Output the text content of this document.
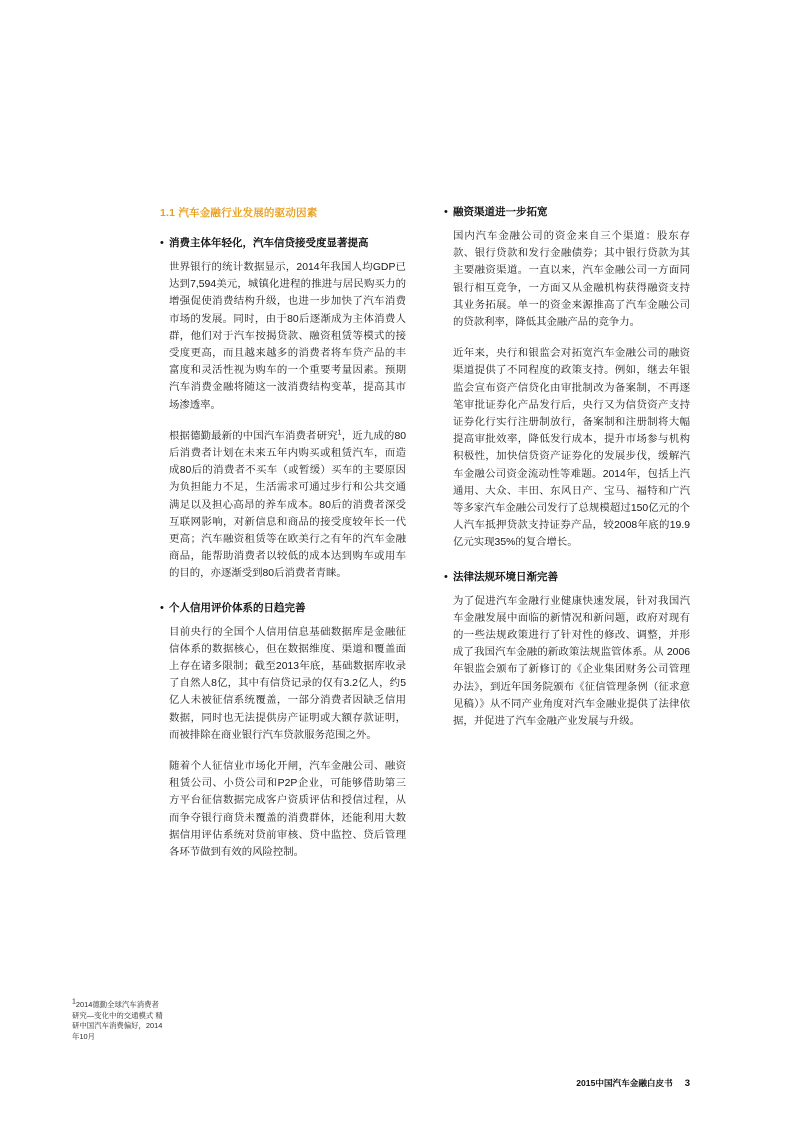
1.1 汽车金融行业发展的驱动因素
• 消费主体年轻化，汽车信贷接受度显著提高

世界银行的统计数据显示，2014年我国人均GDP已达到7,594美元，城镇化进程的推进与居民购买力的增强促使消费结构升级，也进一步加快了汽车消费市场的发展。同时，由于80后逐渐成为主体消费人群，他们对于汽车按揭贷款、融资租赁等模式的接受度更高，而且越来越多的消费者将车贷产品的丰富度和灵活性视为购车的一个重要考量因素。预期汽车消费金融将随这一波消费结构变革，提高其市场渗透率。

根据德勤最新的中国汽车消费者研究$^1$，近九成的80后消费者计划在未来五年内购买或租赁汽车，而造成80后的消费者不买车（或暂缓）买车的主要原因为负担能力不足，生活需求可通过步行和公共交通满足以及担心高昂的养车成本。80后的消费者深受互联网影响，对新信息和商品的接受度较年长一代更高；汽车融资租赁等在欧美行之有年的汽车金融商品，能帮助消费者以较低的成本达到购车或用车的目的，亦逐渐受到80后消费者青睐。

• 个人信用评价体系的日趋完善

目前央行的全国个人信用信息基础数据库是金融征信体系的数据核心，但在数据维度、渠道和覆盖面上存在诸多限制；截至2013年底，基础数据库收录了自然人8亿，其中有信贷记录的仅有3.2亿人，约5亿人未被征信系统覆盖，一部分消费者因缺乏信用数据，同时也无法提供房产证明或大额存款证明，而被排除在商业银行汽车贷款服务范围之外。

随着个人征信业市场化开闸，汽车金融公司、融资租赁公司、小贷公司和P2P企业，可能够借助第三方平台征信数据完成客户资质评估和授信过程，从而争夺银行商贷未覆盖的消费群体，还能利用大数据信用评估系统对贷前审核、贷中监控、贷后管理各环节做到有效的风险控制。

• 融资渠道进一步拓宽

国内汽车金融公司的资金来自三个渠道：股东存款、银行贷款和发行金融债券；其中银行贷款为其主要融资渠道。一直以来，汽车金融公司一方面同银行相互竞争，一方面又从金融机构获得融资支持其业务拓展。单一的资金来源推高了汽车金融公司的贷款利率，降低其金融产品的竞争力。

近年来，央行和银监会对拓宽汽车金融公司的融资渠道提供了不同程度的政策支持。例如，继去年银监会宣布资产信贷化由审批制改为备案制，不再逐笔审批证券化产品发行后，央行又为信贷资产支持证券化行实行注册制放行，备案制和注册制将大幅提高审批效率，降低发行成本，提升市场参与机构积极性，加快信贷资产证券化的发展步伐，缓解汽车金融公司资金流动性等难题。2014年，包括上汽通用、大众、丰田、东风日产、宝马、福特和广汽等多家汽车金融公司发行了总规模超过150亿元的个人汽车抵押贷款支持证券产品，较2008年底的19.9亿元实现35%的复合增长。

• 法律法规环境日渐完善

为了促进汽车金融行业健康快速发展，针对我国汽车金融发展中面临的新情况和新问题，政府对现有的一些法规政策进行了针对性的修改、调整，并形成了我国汽车金融的新政策法规监管体系。从 2006 年银监会颁布了新修订的《企业集团财务公司管理办法》，到近年国务院颁布《征信管理条例（征求意见稿）》从不同产业角度对汽车金融业提供了法律依据，并促进了汽车金融产业发展与升级。

12014德勤全球汽车消费者研究—变化中的交通模式 精研中国汽车消费偏好，2014年10月
2015中国汽车金融白皮书 3
